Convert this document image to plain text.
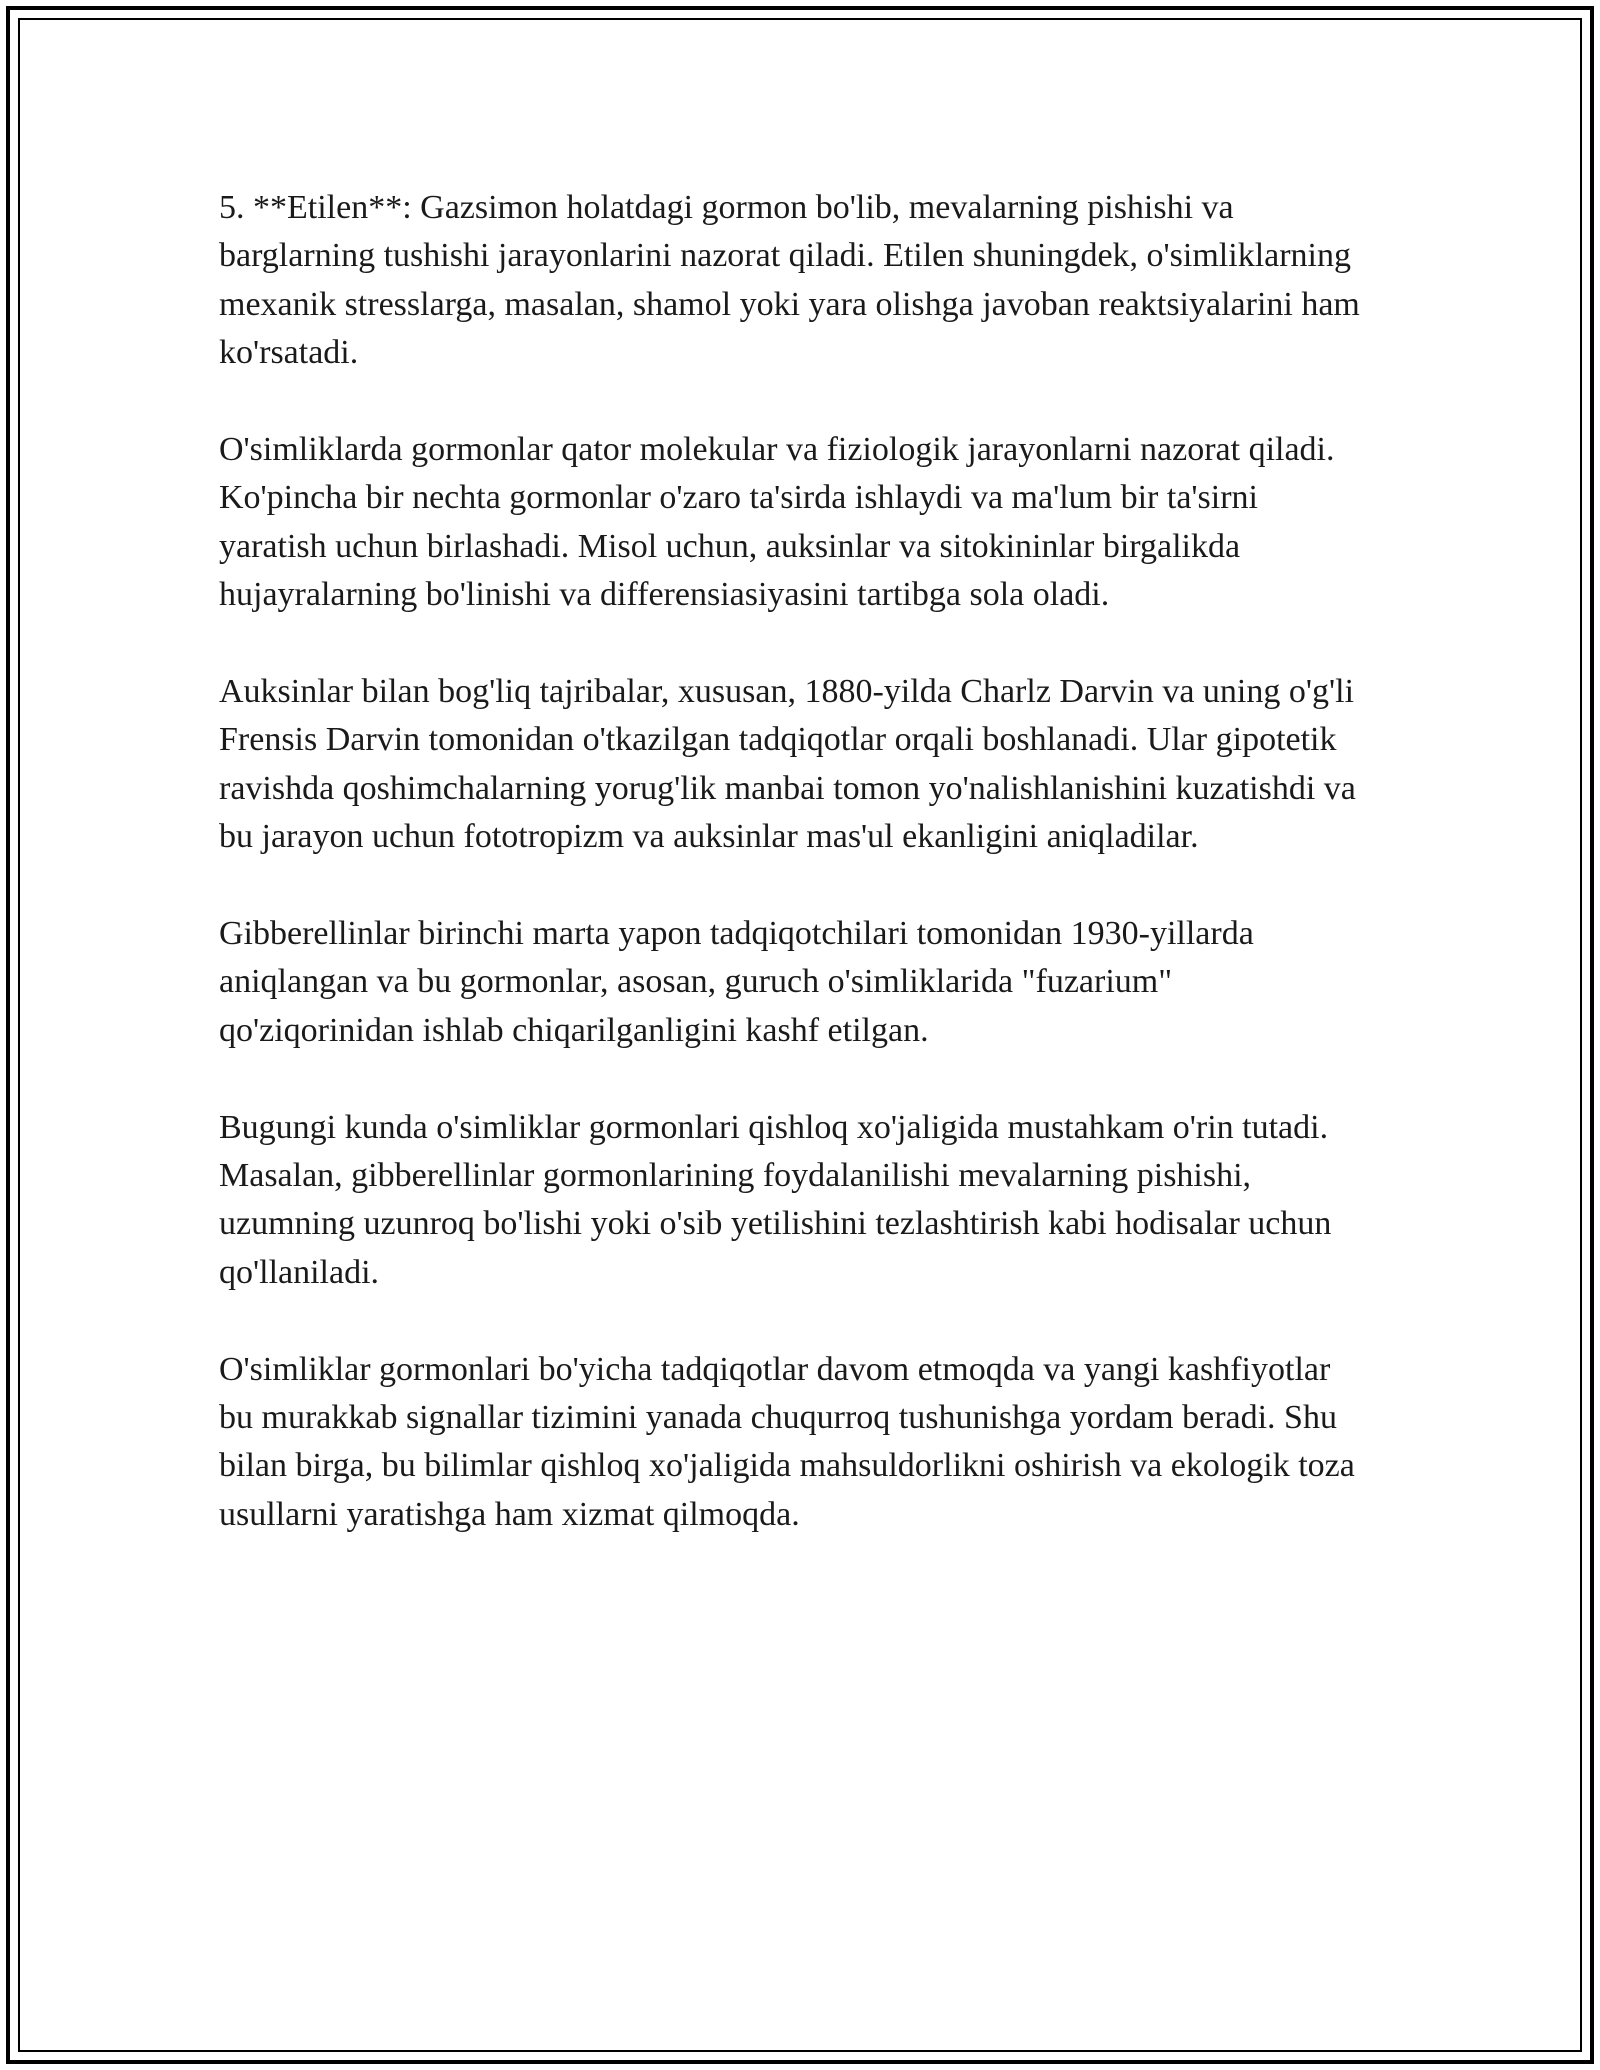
5. **Etilen**: Gazsimon holatdagi gormon bo'lib, mevalarning pishishi va barglarning tushishi jarayonlarini nazorat qiladi. Etilen shuningdek, o'simliklarning mexanik stresslarga, masalan, shamol yoki yara olishga javoban reaktsiyalarini ham ko'rsatadi.

O'simliklarda gormonlar qator molekular va fiziologik jarayonlarni nazorat qiladi. Ko'pincha bir nechta gormonlar o'zaro ta'sirda ishlaydi va ma'lum bir ta'sirni yaratish uchun birlashadi. Misol uchun, auksinlar va sitokininlar birgalikda hujayralarning bo'linishi va differensiasiyasini tartibga sola oladi.

Auksinlar bilan bog'liq tajribalar, xususan, 1880-yilda Charlz Darvin va uning o'g'li Frensis Darvin tomonidan o'tkazilgan tadqiqotlar orqali boshlanadi. Ular gipotetik ravishda qoshimchalarning yorug'lik manbai tomon yo'nalishlanishini kuzatishdi va bu jarayon uchun fototropizm va auksinlar mas'ul ekanligini aniqladilar.

Gibberellinlar birinchi marta yapon tadqiqotchilari tomonidan 1930-yillarda aniqlangan va bu gormonlar, asosan, guruch o'simliklarida "fuzarium" qo'ziqorinidan ishlab chiqarilganligini kashf etilgan.

Bugungi kunda o'simliklar gormonlari qishloq xo'jaligida mustahkam o'rin tutadi. Masalan, gibberellinlar gormonlarining foydalanilishi mevalarning pishishi, uzumning uzunroq bo'lishi yoki o'sib yetilishini tezlashtirish kabi hodisalar uchun qo'llaniladi.

O'simliklar gormonlari bo'yicha tadqiqotlar davom etmoqda va yangi kashfiyotlar bu murakkab signallar tizimini yanada chuqurroq tushunishga yordam beradi. Shu bilan birga, bu bilimlar qishloq xo'jaligida mahsuldorlikni oshirish va ekologik toza usullarni yaratishga ham xizmat qilmoqda.
